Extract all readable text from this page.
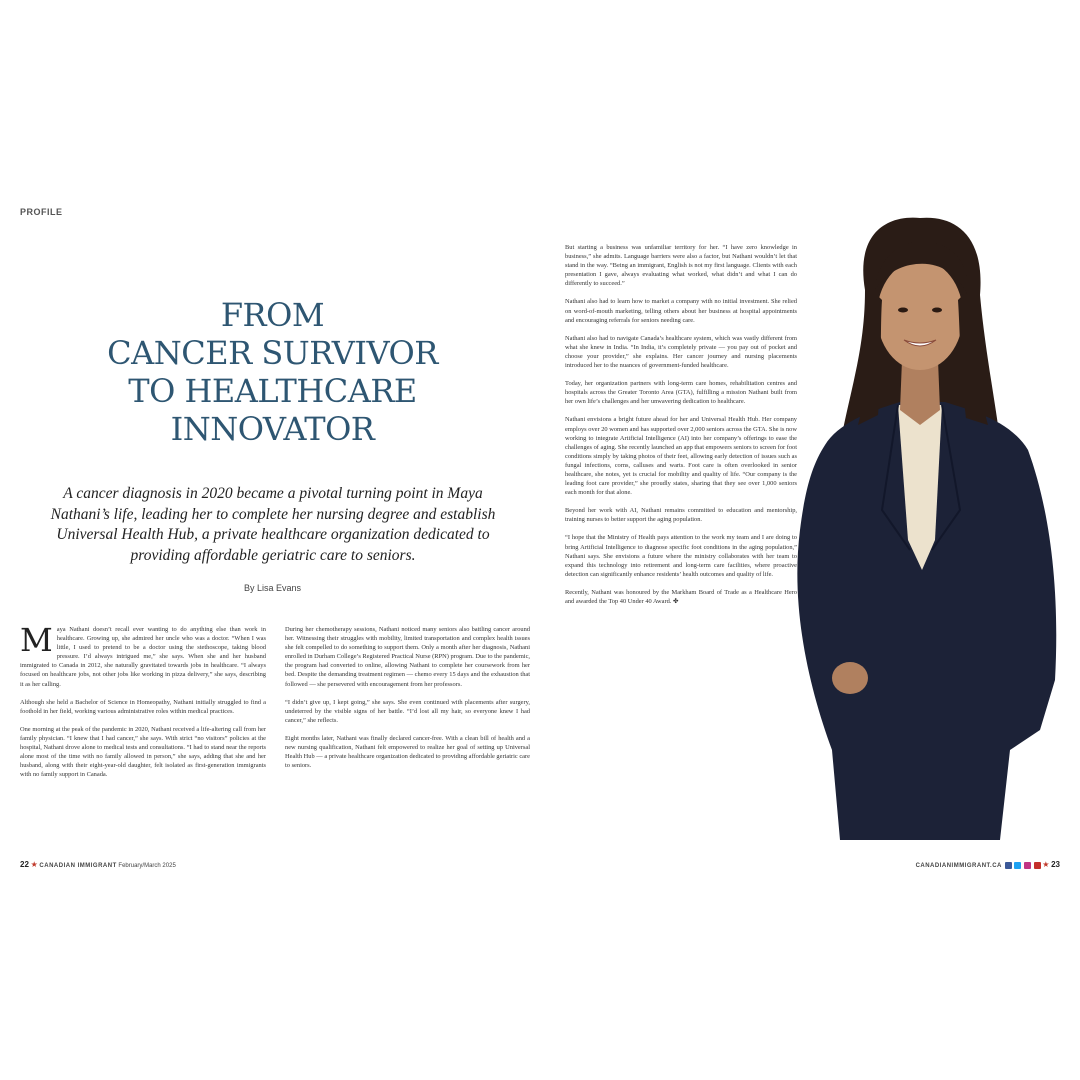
PROFILE
FROM
CANCER SURVIVOR
TO HEALTHCARE
INNOVATOR
A cancer diagnosis in 2020 became a pivotal turning point in Maya Nathani’s life, leading her to complete her nursing degree and establish Universal Health Hub, a private healthcare organization dedicated to providing affordable geriatric care to seniors.
By Lisa Evans

Maya Nathani doesn’t recall ever wanting to do anything else than work in healthcare. Growing up, she admired her uncle who was a doctor. “When I was little, I used to pretend to be a doctor using the stethoscope, taking blood pressure. I’d always intrigued me,” she says. When she and her husband immigrated to Canada in 2012, she naturally gravitated towards jobs in healthcare. “I always focused on healthcare jobs, not other jobs like working in pizza delivery,” she says, describing it as her calling.

Although she held a Bachelor of Science in Homeopathy, Nathani initially struggled to find a foothold in her field, working various administrative roles within medical practices.

One morning at the peak of the pandemic in 2020, Nathani received a life-altering call from her family physician. “I knew that I had cancer,” she says. With strict “no visitors” policies at the hospital, Nathani drove alone to medical tests and consultations. “I had to stand near the reports alone most of the time with no family allowed in person,” she says, adding that she and her husband, along with their eight-year-old daughter, felt isolated as first-generation immigrants with no family support in Canada.

During her chemotherapy sessions, Nathani noticed many seniors also battling cancer around her. Witnessing their struggles with mobility, limited transportation and complex health issues she felt compelled to do something to support them. Only a month after her diagnosis, Nathani enrolled in Durham College’s Registered Practical Nurse (RPN) program. Due to the pandemic, the program had converted to online, allowing Nathani to complete her coursework from her bed. Despite the demanding treatment regimen — chemo every 15 days and the exhaustion that followed — she persevered with encouragement from her professors.

“I didn’t give up, I kept going,” she says. She even continued with placements after surgery, undeterred by the visible signs of her battle. “I’d lost all my hair, so everyone knew I had cancer,” she reflects.

Eight months later, Nathani was finally declared cancer-free. With a clean bill of health and a new nursing qualification, Nathani felt empowered to realize her goal of setting up Universal Health Hub — a private healthcare organization dedicated to providing affordable geriatric care to seniors.

But starting a business was unfamiliar territory for her. “I have zero knowledge in business,” she admits. Language barriers were also a factor, but Nathani wouldn’t let that stand in the way. “Being an immigrant, English is not my first language. Clients with each presentation I gave, always evaluating what worked, what didn’t and what I can do differently to succeed.”

Nathani also had to learn how to market a company with no initial investment. She relied on word-of-mouth marketing, telling others about her business at hospital appointments and encouraging referrals for seniors needing care.

Nathani also had to navigate Canada’s healthcare system, which was vastly different from what she knew in India. “In India, it’s completely private — you pay out of pocket and choose your provider,” she explains. Her cancer journey and nursing placements introduced her to the nuances of government-funded healthcare.

Today, her organization partners with long-term care homes, rehabilitation centres and hospitals across the Greater Toronto Area (GTA), fulfilling a mission Nathani built from her own life’s challenges and her unwavering dedication to healthcare.

Nathani envisions a bright future ahead for her and Universal Health Hub. Her company employs over 20 women and has supported over 2,000 seniors across the GTA. She is now working to integrate Artificial Intelligence (AI) into her company’s offerings to ease the challenges of aging. She recently launched an app that empowers seniors to screen for foot conditions simply by taking photos of their feet, allowing early detection of issues such as fungal infections, corns, calluses and warts. Foot care is often overlooked in senior healthcare, she notes, yet is crucial for mobility and quality of life. “Our company is the leading foot care provider,” she proudly states, sharing that they see over 1,000 seniors each month for that alone.

Beyond her work with AI, Nathani remains committed to education and mentorship, training nurses to better support the aging population.

“I hope that the Ministry of Health pays attention to the work my team and I are doing to bring Artificial Intelligence to diagnose specific foot conditions in the aging population,” Nathani says. She envisions a future where the ministry collaborates with her team to expand this technology into retirement and long-term care facilities, where proactive detection can significantly enhance residents’ health outcomes and quality of life.

Recently, Nathani was honoured by the Markham Board of Trade as a Healthcare Hero and awarded the Top 40 Under 40 Award. ✤

22 ★ CANADIAN IMMIGRANT February/March 2025	CANADIANIMMIGRANT.CA	★ 23
